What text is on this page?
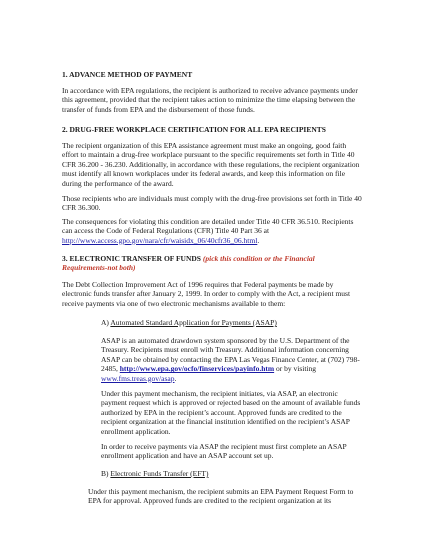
1. ADVANCE METHOD OF PAYMENT

In accordance with EPA regulations, the recipient is authorized to receive advance payments under this agreement, provided that the recipient takes action to minimize the time elapsing between the transfer of funds from EPA and the disbursement of those funds.

2. DRUG-FREE WORKPLACE CERTIFICATION FOR ALL EPA RECIPIENTS

The recipient organization of this EPA assistance agreement must make an ongoing, good faith effort to maintain a drug-free workplace pursuant to the specific requirements set forth in Title 40 CFR 36.200 - 36.230. Additionally, in accordance with these regulations, the recipient organization must identify all known workplaces under its federal awards, and keep this information on file during the performance of the award.

Those recipients who are individuals must comply with the drug-free provisions set forth in Title 40 CFR 36.300.

The consequences for violating this condition are detailed under Title 40 CFR 36.510. Recipients can access the Code of Federal Regulations (CFR) Title 40 Part 36 at http://www.access.gpo.gov/nara/cfr/waisidx_06/40cfr36_06.html.

3. ELECTRONIC TRANSFER OF FUNDS (pick this condition or the Financial Requirements-not both)

The Debt Collection Improvement Act of 1996 requires that Federal payments be made by electronic funds transfer after January 2, 1999. In order to comply with the Act, a recipient must receive payments via one of two electronic mechanisms available to them:

A) Automated Standard Application for Payments (ASAP)

ASAP is an automated drawdown system sponsored by the U.S. Department of the Treasury. Recipients must enroll with Treasury. Additional information concerning ASAP can be obtained by contacting the EPA Las Vegas Finance Center, at (702) 798-2485, http://www.epa.gov/ocfo/finservices/payinfo.htm or by visiting www.fms.treas.gov/asap.

Under this payment mechanism, the recipient initiates, via ASAP, an electronic payment request which is approved or rejected based on the amount of available funds authorized by EPA in the recipient’s account. Approved funds are credited to the recipient organization at the financial institution identified on the recipient’s ASAP enrollment application.

In order to receive payments via ASAP the recipient must first complete an ASAP enrollment application and have an ASAP account set up.

B) Electronic Funds Transfer (EFT)

Under this payment mechanism, the recipient submits an EPA Payment Request Form to EPA for approval. Approved funds are credited to the recipient organization at its
